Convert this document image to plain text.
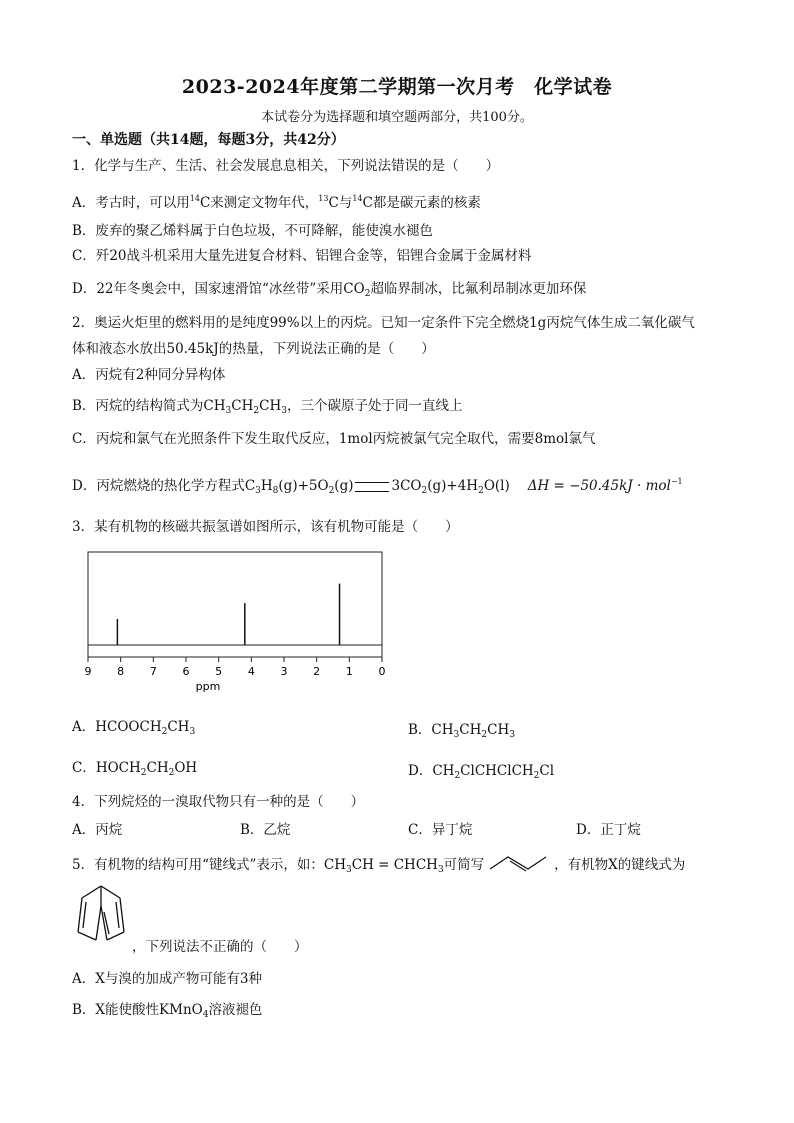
2023-2024年度第二学期第一次月考　化学试卷
本试卷分为选择题和填空题两部分，共100分。
一、单选题（共14题，每题3分，共42分）
1．化学与生产、生活、社会发展息息相关，下列说法错误的是（　　）
A．考古时，可以用$^{14}$C来测定文物年代，$^{13}$C与$^{14}$C都是碳元素的核素
B．废弃的聚乙烯料属于白色垃圾，不可降解，能使溴水褪色
C．歼20战斗机采用大量先进复合材料、铝锂合金等，铝锂合金属于金属材料
D．22年冬奥会中，国家速滑馆“冰丝带”采用$CO_2$超临界制冰，比氟利昂制冰更加环保
2．奥运火炬里的燃料用的是纯度99%以上的丙烷。已知一定条件下完全燃烧1g丙烷气体生成二氧化碳气
体和液态水放出50.45kJ的热量，下列说法正确的是（　　）
A．丙烷有2种同分异构体
B．丙烷的结构简式为$CH_3CH_2CH_3$，三个碳原子处于同一直线上
C．丙烷和氯气在光照条件下发生取代反应，1mol丙烷被氯气完全取代，需要8mol氯气
D．丙烷燃烧的热化学方程式$C_3H_8(g)+5O_2(g)$	$3CO_2(g)+4H_2O(l) \Delta H = -50.45kJ \cdot mol^{-1}$
3．某有机物的核磁共振氢谱如图所示，该有机物可能是（　　）
9 8 7 6 5 4 3 2 1 0
ppm
A．$HCOOCH_2CH_3$	B．$CH_3CH_2CH_3$
C．$HOCH_2CH_2OH$	D．$CH_2ClCHClCH_2Cl$
4．下列烷烃的一溴取代物只有一种的是（　　）
A．丙烷	B．乙烷	C．异丁烷	D．正丁烷
5．有机物的结构可用“键线式”表示，如：$CH_3CH$ = $CHCH_3$可简写	，有机物X的键线式为
，下列说法不正确的（　　）
A．X与溴的加成产物可能有3种
B．X能使酸性KMnO$_4$溶液褪色
